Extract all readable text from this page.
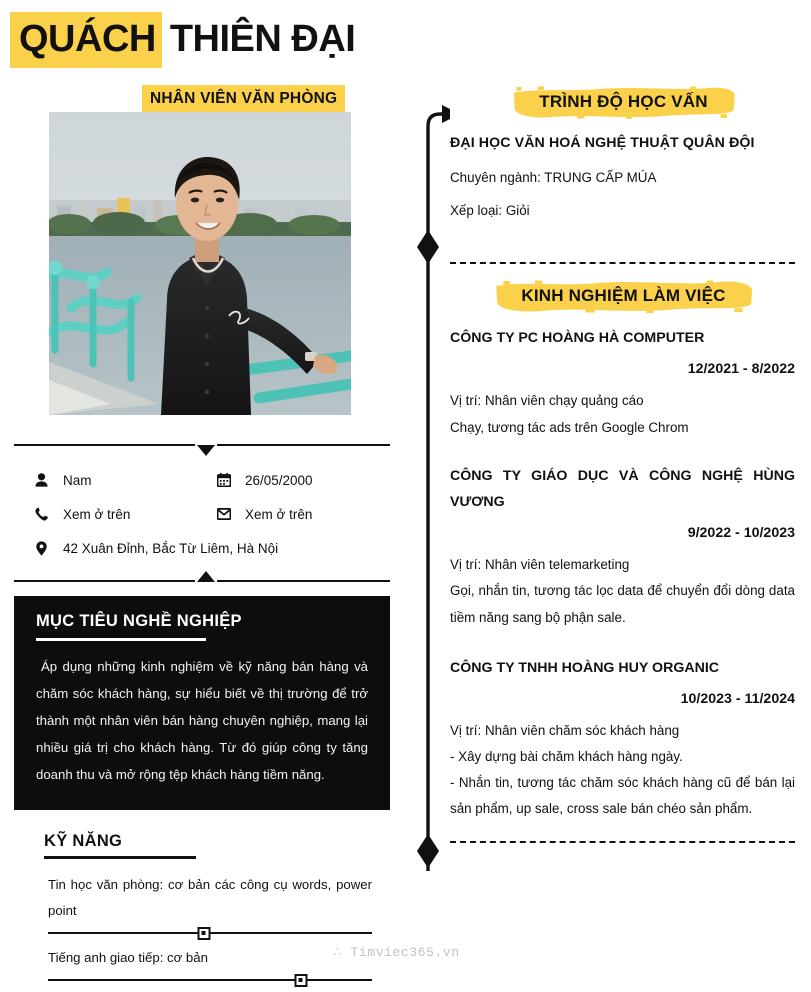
QUÁCH THIÊN ĐẠI
NHÂN VIÊN VĂN PHÒNG
Nam	26/05/2000
Xem ở trên	Xem ở trên
42 Xuân Đỉnh, Bắc Từ Liêm, Hà Nội
MỤC TIÊU NGHỀ NGHIỆP
Áp dụng những kinh nghiệm về kỹ năng bán hàng và chăm sóc khách hàng, sự hiểu biết về thị trường để trở thành một nhân viên bán hàng chuyên nghiệp, mang lại nhiều giá trị cho khách hàng. Từ đó giúp công ty tăng doanh thu và mở rộng tệp khách hàng tiềm năng.
KỸ NĂNG
Tin học văn phòng: cơ bản các công cụ words, power point
Tiếng anh giao tiếp: cơ bản
TRÌNH ĐỘ HỌC VẤN
ĐẠI HỌC VĂN HOÁ NGHỆ THUẬT QUÂN ĐỘI
Chuyên ngành: TRUNG CẤP MÚA
Xếp loại: Giỏi
KINH NGHIỆM LÀM VIỆC
CÔNG TY PC HOÀNG HÀ COMPUTER
12/2021 - 8/2022
Vị trí: Nhân viên chạy quảng cáo
Chạy, tương tác ads trên Google Chrom
CÔNG TY GIÁO DỤC VÀ CÔNG NGHỆ HÙNG VƯƠNG
9/2022 - 10/2023
Vị trí: Nhân viên telemarketing
Gọi, nhắn tin, tương tác lọc data để chuyển đổi dòng data tiềm năng sang bộ phận sale.
CÔNG TY TNHH HOÀNG HUY ORGANIC
10/2023 - 11/2024
Vị trí: Nhân viên chăm sóc khách hàng
- Xây dựng bài chăm khách hàng ngày.
- Nhắn tin, tương tác chăm sóc khách hàng cũ để bán lại sản phẩm, up sale, cross sale bán chéo sản phẩm.
∴ Timviec365.vn
